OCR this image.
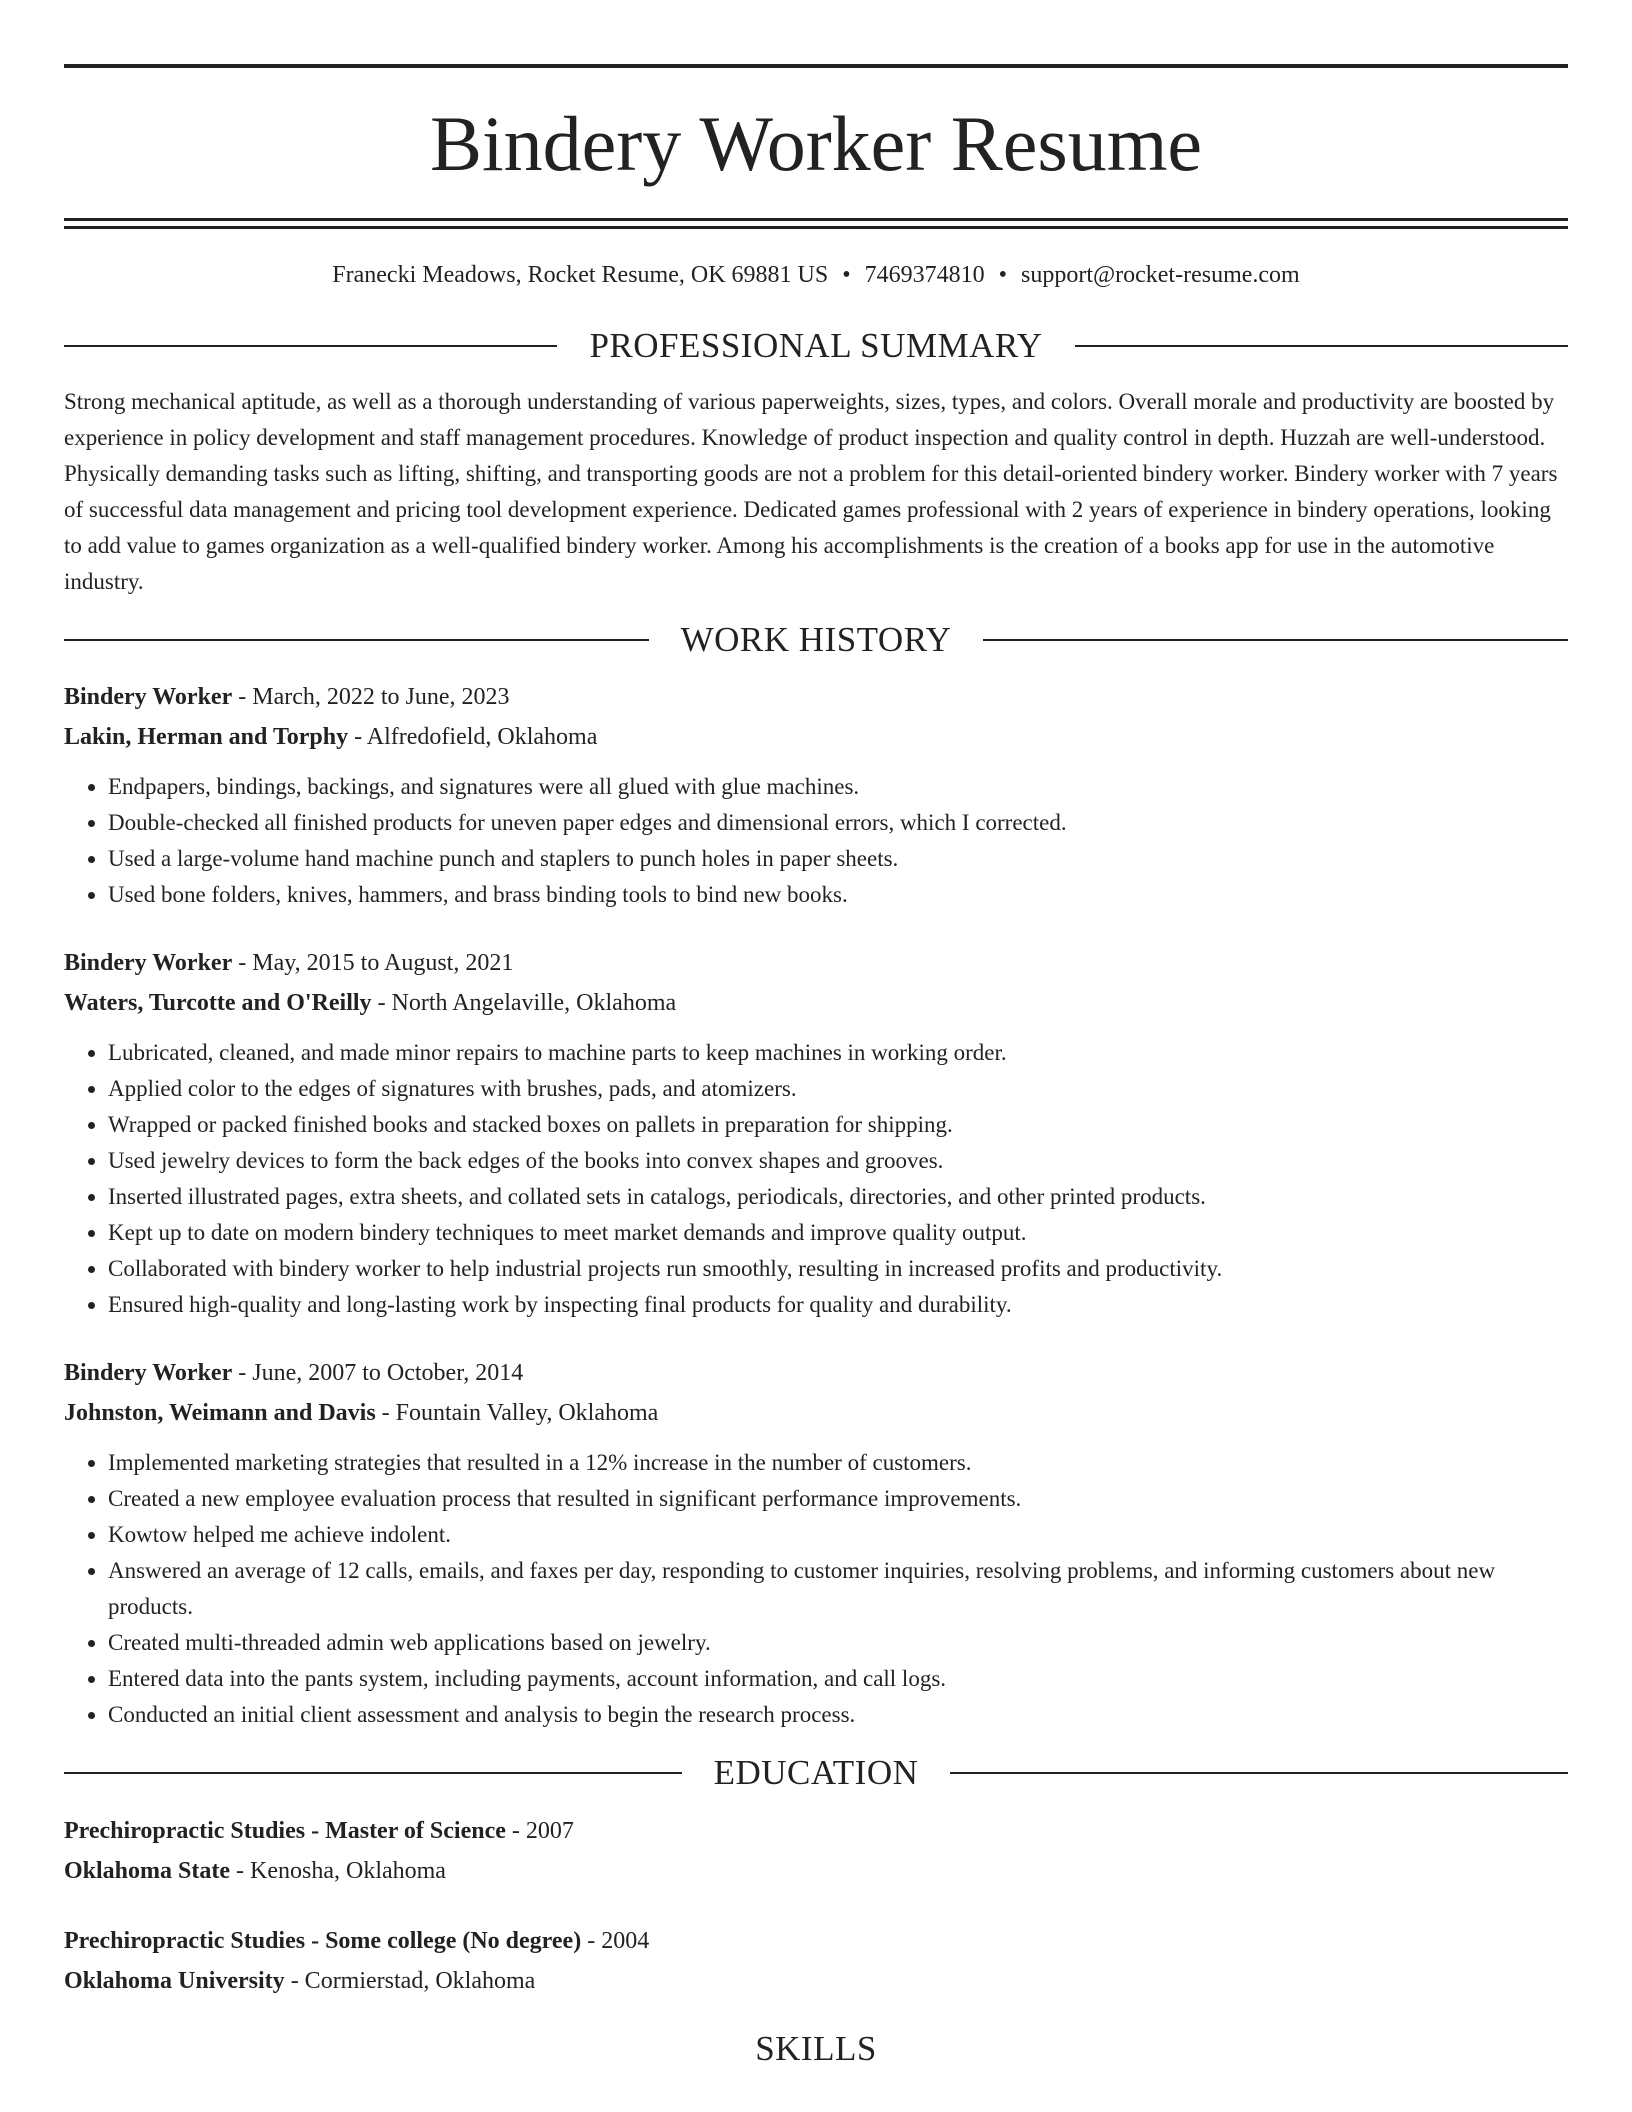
Bindery Worker Resume
Franecki Meadows, Rocket Resume, OK 69881 US • 7469374810 • support@rocket-resume.com
PROFESSIONAL SUMMARY

Strong mechanical aptitude, as well as a thorough understanding of various paperweights, sizes, types, and colors. Overall morale and productivity are boosted by experience in policy development and staff management procedures. Knowledge of product inspection and quality control in depth. Huzzah are well-understood. Physically demanding tasks such as lifting, shifting, and transporting goods are not a problem for this detail-oriented bindery worker. Bindery worker with 7 years of successful data management and pricing tool development experience. Dedicated games professional with 2 years of experience in bindery operations, looking to add value to games organization as a well-qualified bindery worker. Among his accomplishments is the creation of a books app for use in the automotive industry.

WORK HISTORY
Bindery Worker - March, 2022 to June, 2023
Lakin, Herman and Torphy - Alfredofield, Oklahoma
• Endpapers, bindings, backings, and signatures were all glued with glue machines.
• Double-checked all finished products for uneven paper edges and dimensional errors, which I corrected.
• Used a large-volume hand machine punch and staplers to punch holes in paper sheets.
• Used bone folders, knives, hammers, and brass binding tools to bind new books.
Bindery Worker - May, 2015 to August, 2021
Waters, Turcotte and O'Reilly - North Angelaville, Oklahoma
• Lubricated, cleaned, and made minor repairs to machine parts to keep machines in working order.
• Applied color to the edges of signatures with brushes, pads, and atomizers.
• Wrapped or packed finished books and stacked boxes on pallets in preparation for shipping.
• Used jewelry devices to form the back edges of the books into convex shapes and grooves.
• Inserted illustrated pages, extra sheets, and collated sets in catalogs, periodicals, directories, and other printed products.
• Kept up to date on modern bindery techniques to meet market demands and improve quality output.
• Collaborated with bindery worker to help industrial projects run smoothly, resulting in increased profits and productivity.
• Ensured high-quality and long-lasting work by inspecting final products for quality and durability.
Bindery Worker - June, 2007 to October, 2014
Johnston, Weimann and Davis - Fountain Valley, Oklahoma
• Implemented marketing strategies that resulted in a 12% increase in the number of customers.
• Created a new employee evaluation process that resulted in significant performance improvements.
• Kowtow helped me achieve indolent.
• Answered an average of 12 calls, emails, and faxes per day, responding to customer inquiries, resolving problems, and informing customers about new products.
• Created multi-threaded admin web applications based on jewelry.
• Entered data into the pants system, including payments, account information, and call logs.
• Conducted an initial client assessment and analysis to begin the research process.
EDUCATION
Prechiropractic Studies - Master of Science - 2007
Oklahoma State - Kenosha, Oklahoma
Prechiropractic Studies - Some college (No degree) - 2004
Oklahoma University - Cormierstad, Oklahoma
SKILLS
